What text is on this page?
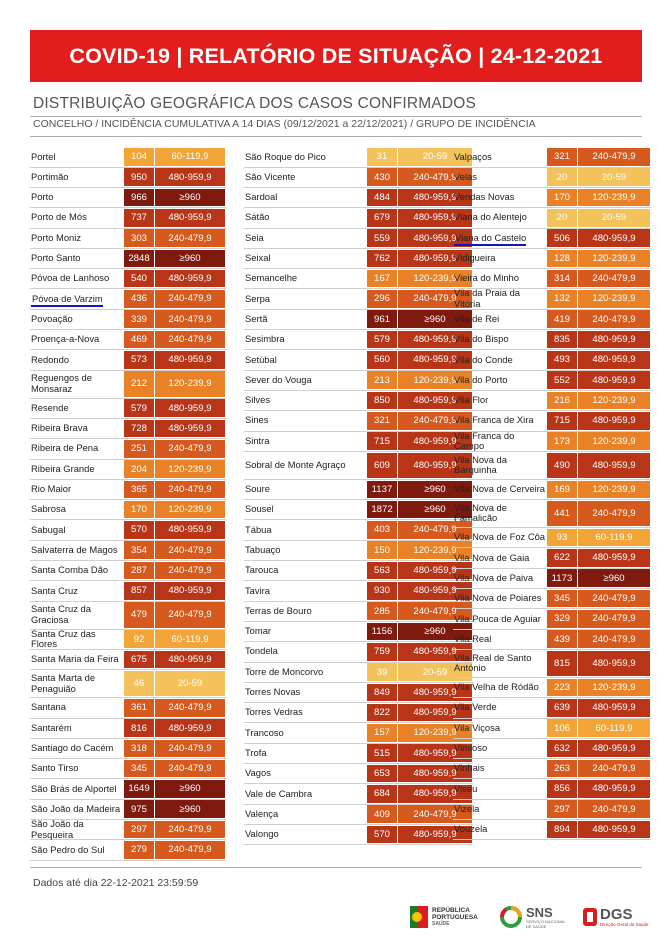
COVID-19 | RELATÓRIO DE SITUAÇÃO | 24-12-2021
DISTRIBUIÇÃO GEOGRÁFICA DOS CASOS CONFIRMADOS
CONCELHO / INCIDÊNCIA CUMULATIVA A 14 DIAS (09/12/2021 a 22/12/2021) / GRUPO DE INCIDÊNCIA
Portel	104	60-119,9
Portimão	950	480-959,9
Porto	966	≥960
Porto de Mós	737	480-959,9
Porto Moniz	303	240-479,9
Porto Santo	2848	≥960
Póvoa de Lanhoso	540	480-959,9
Póvoa de Varzim	436	240-479,9
Povoação	339	240-479,9
Proença-a-Nova	469	240-479,9
Redondo	573	480-959,9
Reguengos de Monsaraz	212	120-239,9
Resende	579	480-959,9
Ribeira Brava	728	480-959,9
Ribeira de Pena	251	240-479,9
Ribeira Grande	204	120-239,9
Rio Maior	365	240-479,9
Sabrosa	170	120-239,9
Sabugal	570	480-959,9
Salvaterra de Magos	354	240-479,9
Santa Comba Dão	287	240-479,9
Santa Cruz	857	480-959,9
Santa Cruz da Graciosa	479	240-479,9
Santa Cruz das Flores	92	60-119,9
Santa Maria da Feira	675	480-959,9
Santa Marta de Penaguião	46	20-59
Santana	361	240-479,9
Santarém	816	480-959,9
Santiago do Cacém	318	240-479,9
Santo Tirso	345	240-479,9
São Brás de Alportel	1649	≥960
São João da Madeira	975	≥960
São João da Pesqueira	297	240-479,9
São Pedro do Sul	279	240-479,9
São Roque do Pico	31	20-59
São Vicente	430	240-479,9
Sardoal	484	480-959,9
Sátão	679	480-959,9
Seia	559	480-959,9
Seixal	762	480-959,9
Semancelhe	167	120-239,9
Serpa	296	240-479,9
Sertã	961	≥960
Sesimbra	579	480-959,9
Setúbal	560	480-959,9
Sever do Vouga	213	120-239,9
Silves	850	480-959,9
Sines	321	240-479,9
Sintra	715	480-959,9
Sobral de Monte Agraço	609	480-959,9
Soure	1137	≥960
Sousel	1872	≥960
Tábua	403	240-479,9
Tabuaço	150	120-239,9
Tarouca	563	480-959,9
Tavira	930	480-959,9
Terras de Bouro	285	240-479,9
Tomar	1156	≥960
Tondela	759	480-959,9
Torre de Moncorvo	39	20-59
Torres Novas	849	480-959,9
Torres Vedras	822	480-959,9
Trancoso	157	120-239,9
Trofa	515	480-959,9
Vagos	653	480-959,9
Vale de Cambra	684	480-959,9
Valença	409	240-479,9
Valongo	570	480-959,9
Valpaços	321	240-479,9
Velas	20	20-59
Vendas Novas	170	120-239,9
Viana do Alentejo	20	20-59
Viana do Castelo	506	480-959,9
Vidigueira	128	120-239,9
Vieira do Minho	314	240-479,9
Vila da Praia da Vitória	132	120-239,9
Vila de Rei	419	240-479,9
Vila do Bispo	835	480-959,9
Vila do Conde	493	480-959,9
Vila do Porto	552	480-959,9
Vila Flor	216	120-239,9
Vila Franca de Xira	715	480-959,9
Vila Franca do Campo	173	120-239,9
Vila Nova da Barquinha	490	480-959,9
Vila Nova de Cerveira 169	120-239,9
Vila Nova de Famalicão	441	240-479,9
Vila Nova de Foz Côa	93	60-119,9
Vila Nova de Gaia	622	480-959,9
Vila Nova de Paiva	1173	≥960
Vila Nova de Poiares	345	240-479,9
Vila Pouca de Aguiar	329	240-479,9
Vila Real	439	240-479,9
Vila Real de Santo António	815	480-959,9
Vila Velha de Ródão	223	120-239,9
Vila Verde	639	480-959,9
Vila Viçosa	106	60-119,9
Vimioso	632	480-959,9
Vinhais	263	240-479,9
Viseu	856	480-959,9
Vizela	297	240-479,9
Vouzela	894	480-959,9
Dados até dia 22-12-2021 23:59:59
REPÚBLICA
PORTUGUESA
SAÚDE
SNS
SERVIÇO NACIONAL DE SAÚDE
DGS
Direção-Geral da Saúde
